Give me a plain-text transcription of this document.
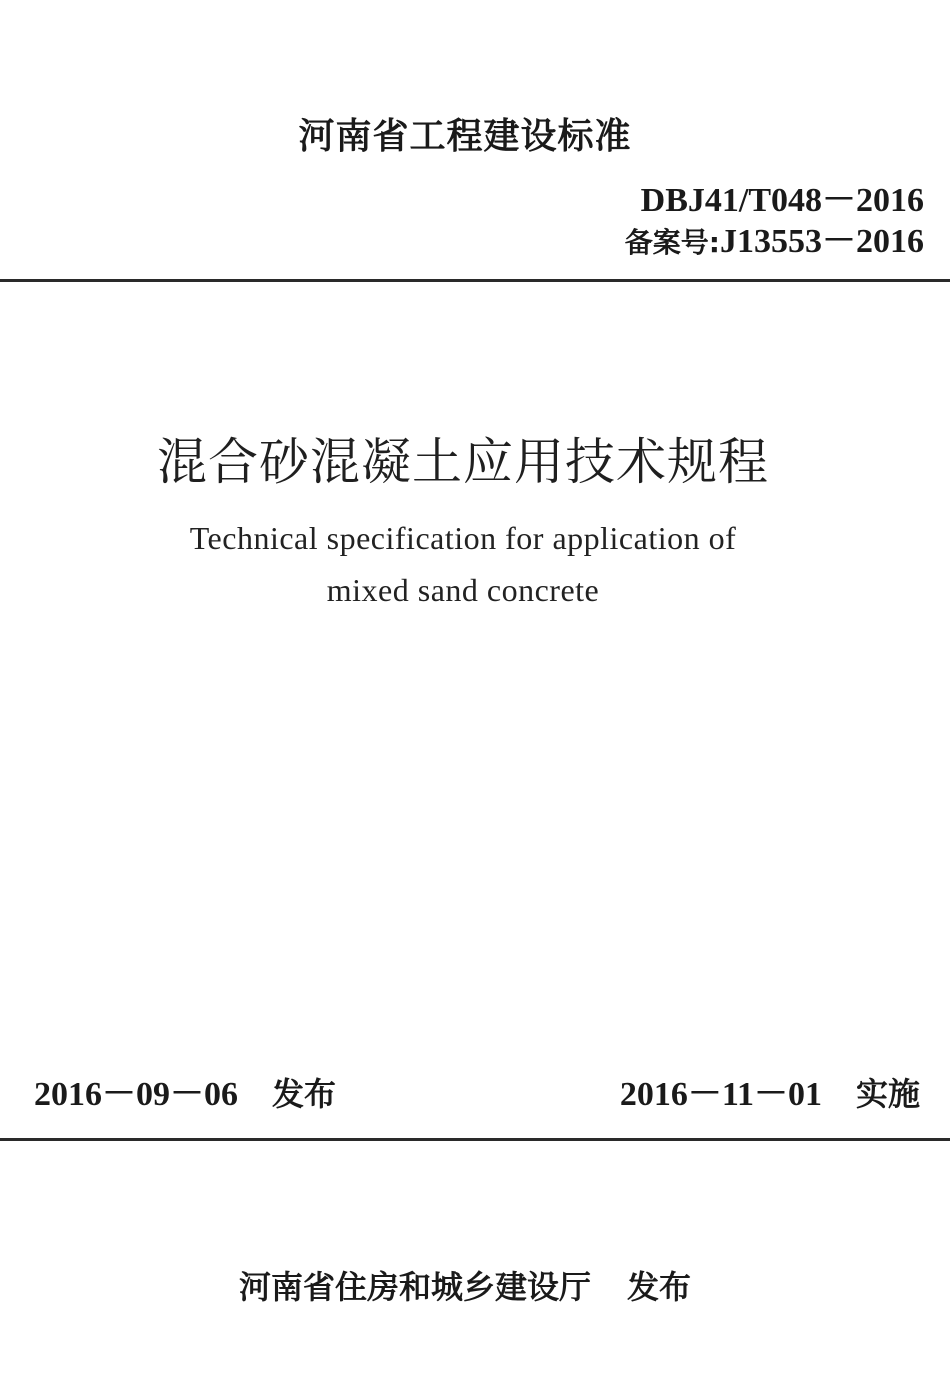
河南省工程建设标准
DBJ41/T048－2016
备案号:J13553－2016
混合砂混凝土应用技术规程
Technical specification for application of
mixed sand concrete
2016－09－06 发布	2016－11－01 实施
河南省住房和城乡建设厅 发布
